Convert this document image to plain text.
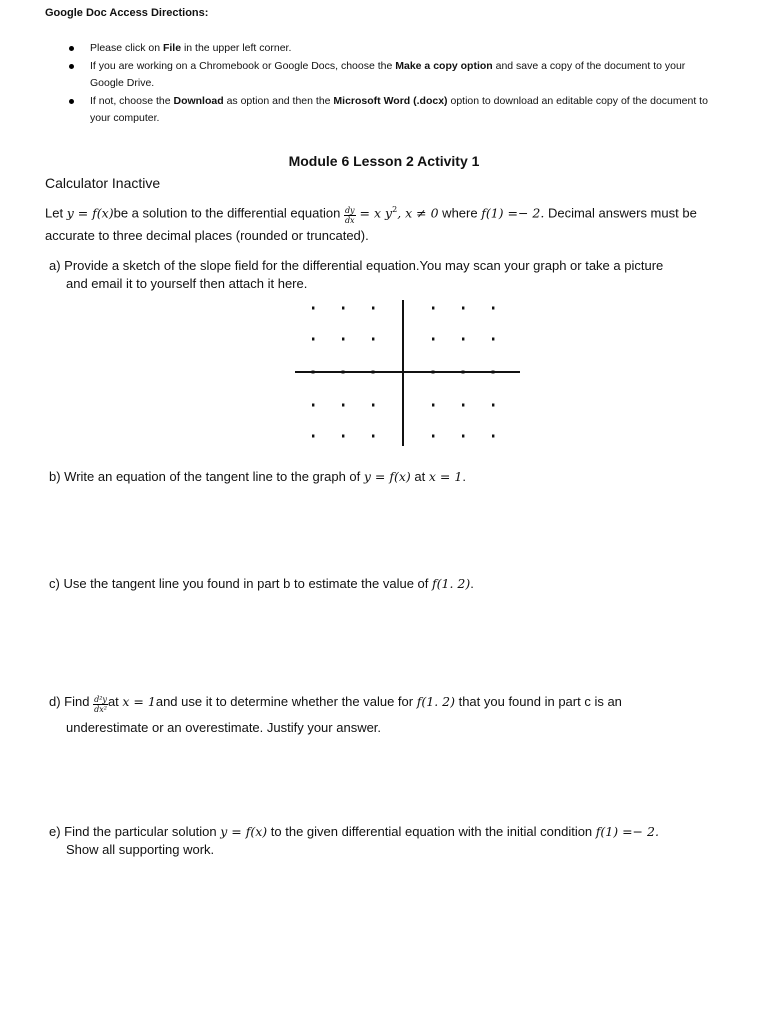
Google Doc Access Directions:
Please click on File in the upper left corner.
If you are working on a Chromebook or Google Docs, choose the Make a copy option and save a copy of the document to your Google Drive.
If not, choose the Download as option and then the Microsoft Word (.docx) option to download an editable copy of the document to your computer.
Module 6 Lesson 2 Activity 1
Calculator Inactive
Let y = f(x)be a solution to the differential equation $\frac{dy}{dx} = x$ $y^2$, x ≠ 0 where f(1) =− 2. Decimal answers must be accurate to three decimal places (rounded or truncated).
a) Provide a sketch of the slope field for the differential equation.You may scan your graph or take a picture
and email it to yourself then attach it here.
b) Write an equation of the tangent line to the graph of y = f(x) at x = 1.
c) Use the tangent line you found in part b to estimate the value of f(1. 2).
d) Find $\frac{\text{d²y}}{\text{dx²}}$ at x = 1and use it to determine whether the value for f(1. 2) that you found in part c is an
underestimate or an overestimate. Justify your answer.
e) Find the particular solution y = f(x) to the given differential equation with the initial condition f(1) =− 2.
Show all supporting work.
